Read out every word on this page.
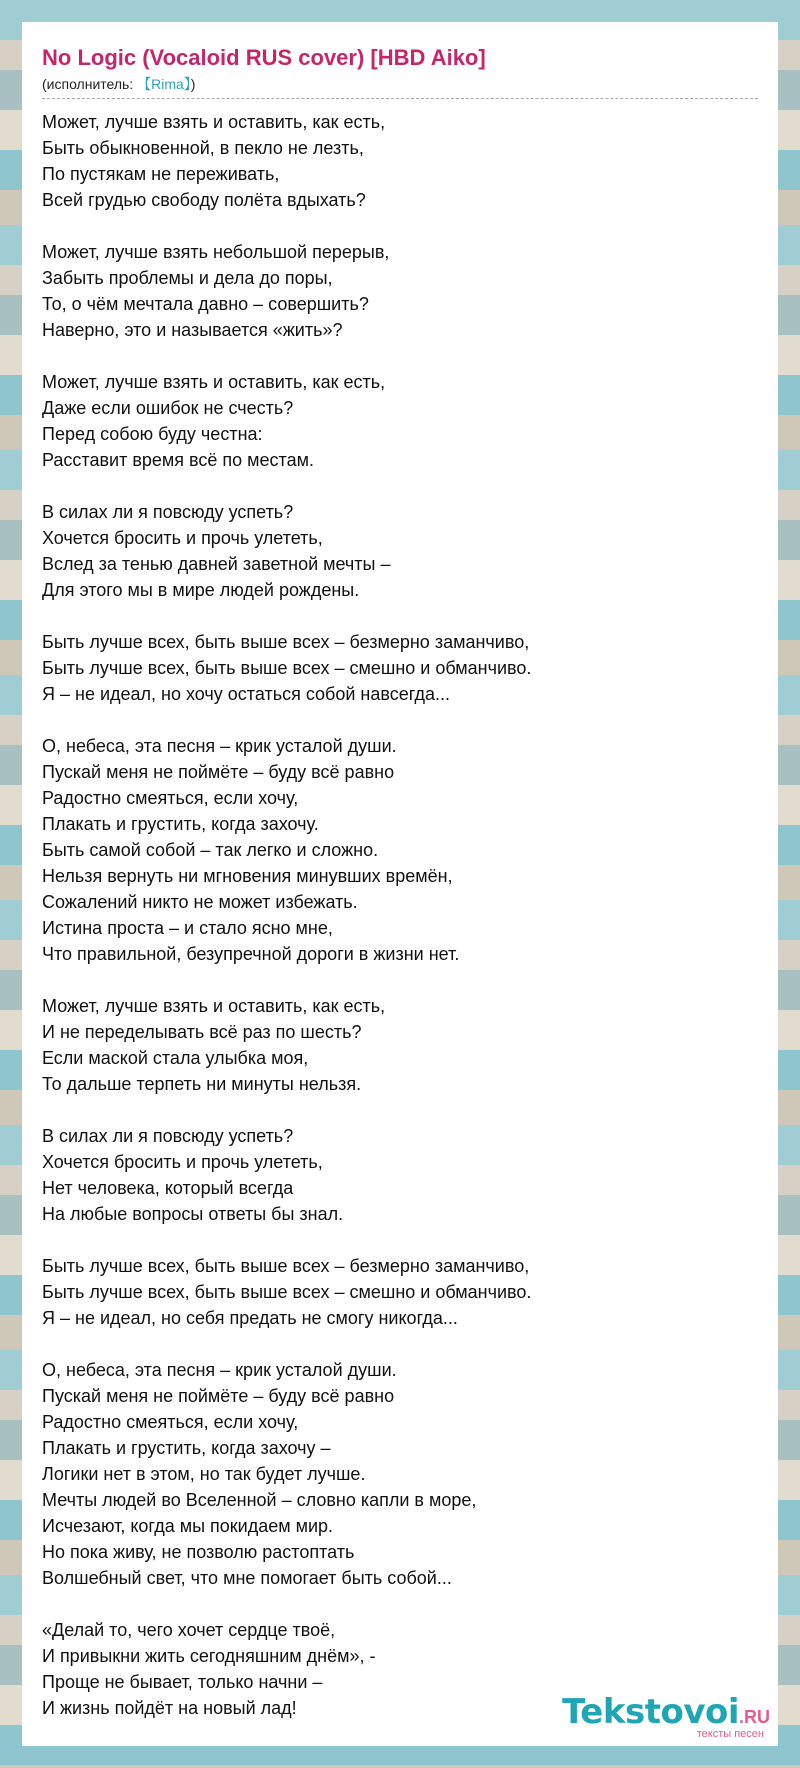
No Logic (Vocaloid RUS cover) [HBD Aiko]

(исполнитель: 【Rima】)

Может, лучше взять и оставить, как есть,
Быть обыкновенной, в пекло не лезть,
По пустякам не переживать,
Всей грудью свободу полёта вдыхать?
Может, лучше взять небольшой перерыв,
Забыть проблемы и дела до поры,
То, о чём мечтала давно – совершить?
Наверно, это и называется «жить»?
Может, лучше взять и оставить, как есть,
Даже если ошибок не счесть?
Перед собою буду честна:
Расставит время всё по местам.
В силах ли я повсюду успеть?
Хочется бросить и прочь улететь,
Вслед за тенью давней заветной мечты –
Для этого мы в мире людей рождены.
Быть лучше всех, быть выше всех – безмерно заманчиво,
Быть лучше всех, быть выше всех – смешно и обманчиво.
Я – не идеал, но хочу остаться собой навсегда...
О, небеса, эта песня – крик усталой души.
Пускай меня не поймёте – буду всё равно
Радостно смеяться, если хочу,
Плакать и грустить, когда захочу.
Быть самой собой – так легко и сложно.
Нельзя вернуть ни мгновения минувших времён,
Сожалений никто не может избежать.
Истина проста – и стало ясно мне,
Что правильной, безупречной дороги в жизни нет.
Может, лучше взять и оставить, как есть,
И не переделывать всё раз по шесть?
Если маской стала улыбка моя,
То дальше терпеть ни минуты нельзя.
В силах ли я повсюду успеть?
Хочется бросить и прочь улететь,
Нет человека, который всегда
На любые вопросы ответы бы знал.
Быть лучше всех, быть выше всех – безмерно заманчиво,
Быть лучше всех, быть выше всех – смешно и обманчиво.
Я – не идеал, но себя предать не смогу никогда...
О, небеса, эта песня – крик усталой души.
Пускай меня не поймёте – буду всё равно
Радостно смеяться, если хочу,
Плакать и грустить, когда захочу –
Логики нет в этом, но так будет лучше.
Мечты людей во Вселенной – словно капли в море,
Исчезают, когда мы покидаем мир.
Но пока живу, не позволю растоптать
Волшебный свет, что мне помогает быть собой...
«Делай то, чего хочет сердце твоё,
И привыкни жить сегодняшним днём», -
Проще не бывает, только начни –
И жизнь пойдёт на новый лад!	Tekstovoi.RU
тексты песен
